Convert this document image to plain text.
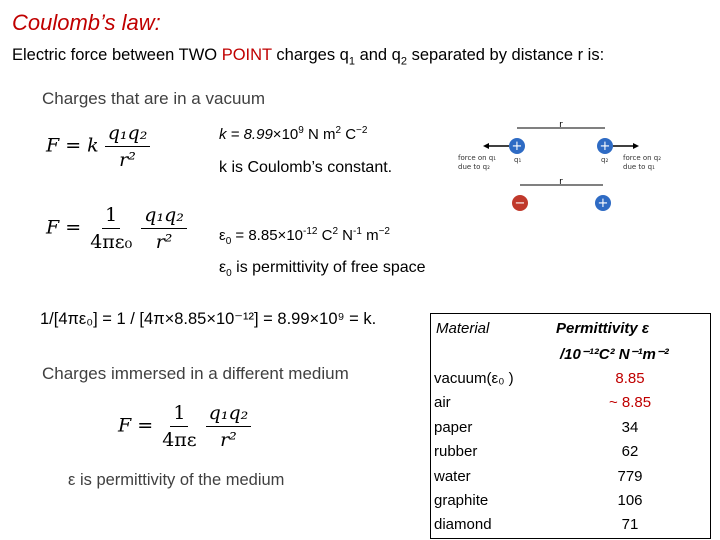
Coulomb’s law:
Electric force between TWO POINT charges $q_1$ and $q_2$ separated by distance r is:
Charges that are in a vacuum
F = k $\frac{\text{q₁q₂}}{\text{r²}}$	$k = 8.99\times 10^9$ N $m^2$ $C^{-2}$
k is Coulomb’s constant.
r
+	+
force on q₁
due to q₂
q₁	q₂ force on q₂
due to q₁
r
−	+
$F = \frac{1}{\text{4πε₀}}$
$\frac{\text{q₁q₂}}{\text{r²}} \varepsilon_0 = 8.85\times 10^{-12}$ $C^2$ $N^{-1}$ $m^{-2}$
$\varepsilon_0$ is permittivity of free space
1/[4πε₀] = 1 / [4π×8.85×10⁻¹²] = 8.99×10⁹ = k.
Charges immersed in a different medium
$F = \frac{1}{4\pi\varepsilon}$
$\frac{\text{q₁q₂}}{\text{r²}}$
ε is permittivity of the medium
Material	Permittivity ε
/10⁻¹²C² N⁻¹m⁻²
vacuum(ε₀ )	8.85
air	~ 8.85
paper	34
rubber	62
water	779
graphite	106
diamond	71
